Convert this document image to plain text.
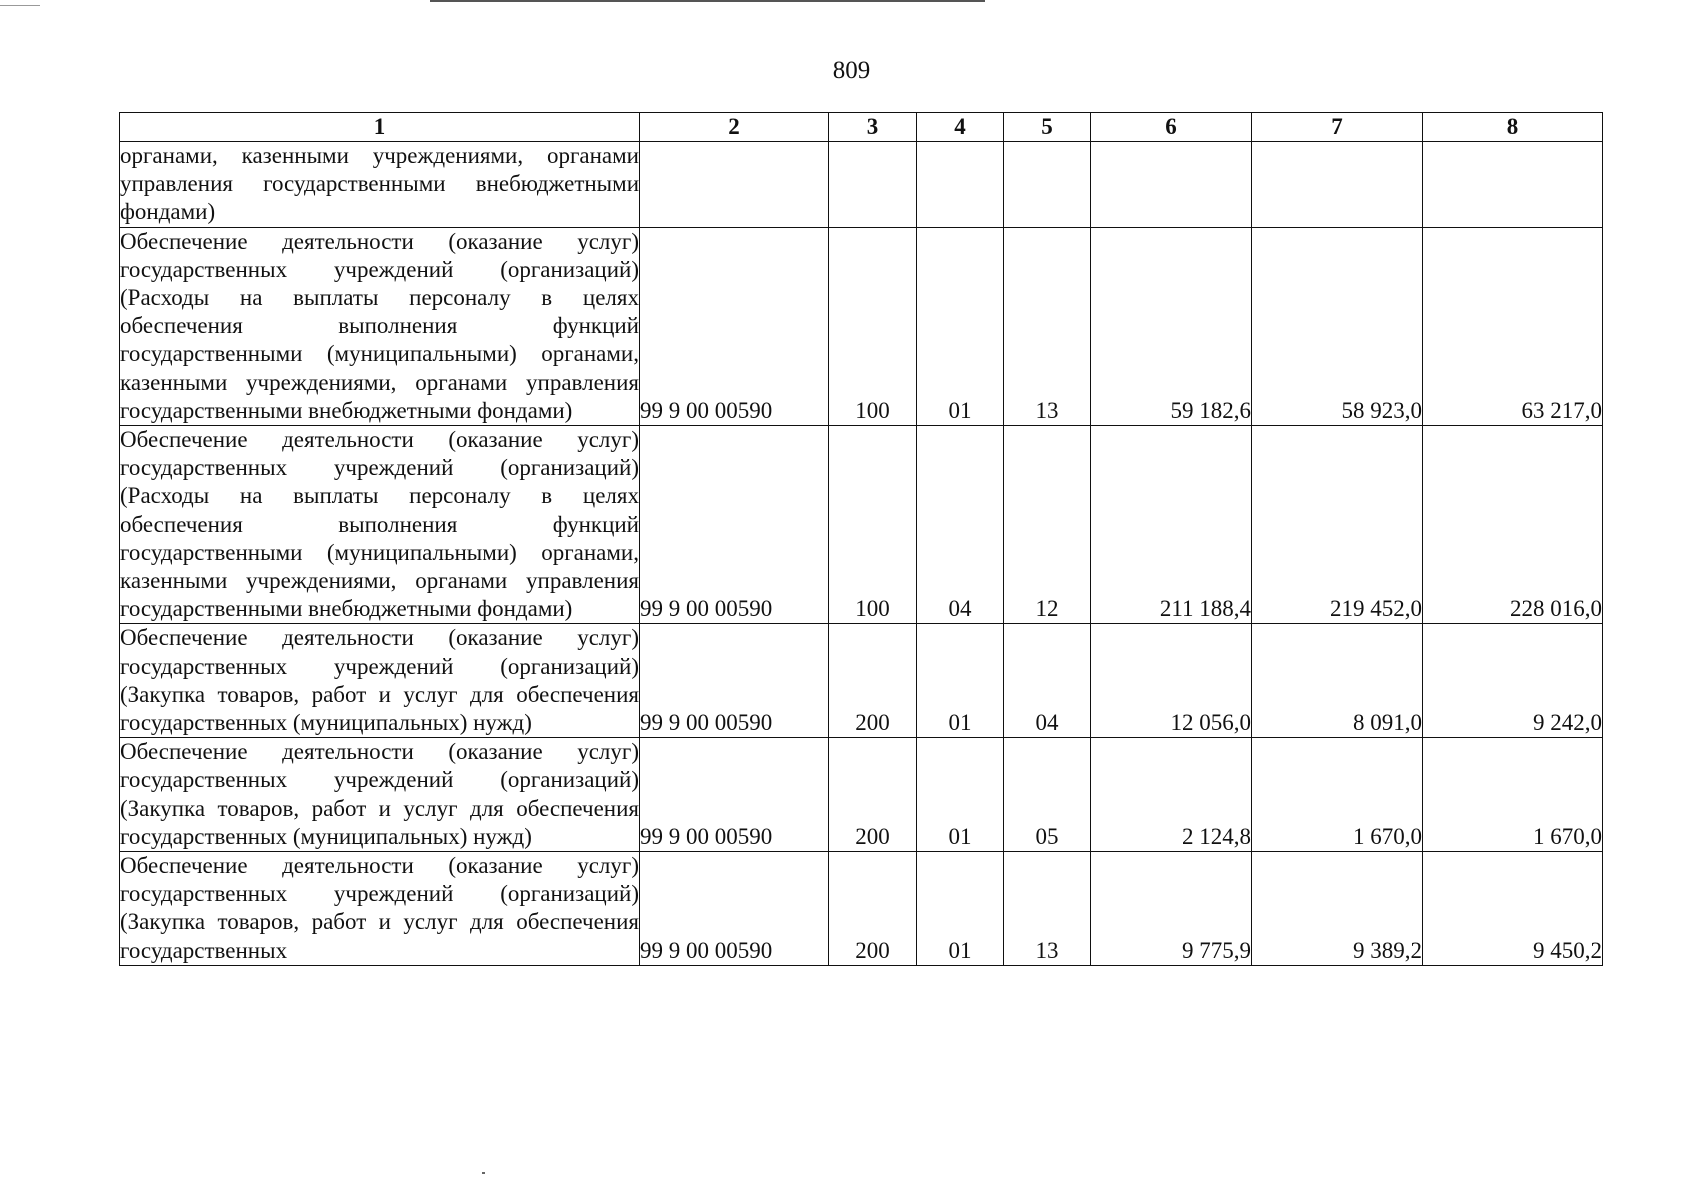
809
1	2	3	4	5	6	7	8
органами, казенными учреждениями, органами управления государственными внебюджетными фондами)							
Обеспечение деятельности (оказание услуг) государственных учреждений (организаций) (Расходы на выплаты персоналу в целях обеспечения выполнения функций государственными (муниципальными) органами, казенными учреждениями, органами управления государственными внебюджетными фондами)	99 9 00 00590	100	01	13	59 182,6	58 923,0	63 217,0
Обеспечение деятельности (оказание услуг) государственных учреждений (организаций) (Расходы на выплаты персоналу в целях обеспечения выполнения функций государственными (муниципальными) органами, казенными учреждениями, органами управления государственными внебюджетными фондами)	99 9 00 00590	100	04	12	211 188,4	219 452,0	228 016,0
Обеспечение деятельности (оказание услуг) государственных учреждений (организаций) (Закупка товаров, работ и услуг для обеспечения государственных (муниципальных) нужд)	99 9 00 00590	200	01	04	12 056,0	8 091,0	9 242,0
Обеспечение деятельности (оказание услуг) государственных учреждений (организаций) (Закупка товаров, работ и услуг для обеспечения государственных (муниципальных) нужд)	99 9 00 00590	200	01	05	2 124,8	1 670,0	1 670,0
Обеспечение деятельности (оказание услуг) государственных учреждений (организаций) (Закупка товаров, работ и услуг для обеспечения государственных	99 9 00 00590	200	01	13	9 775,9	9 389,2	9 450,2
